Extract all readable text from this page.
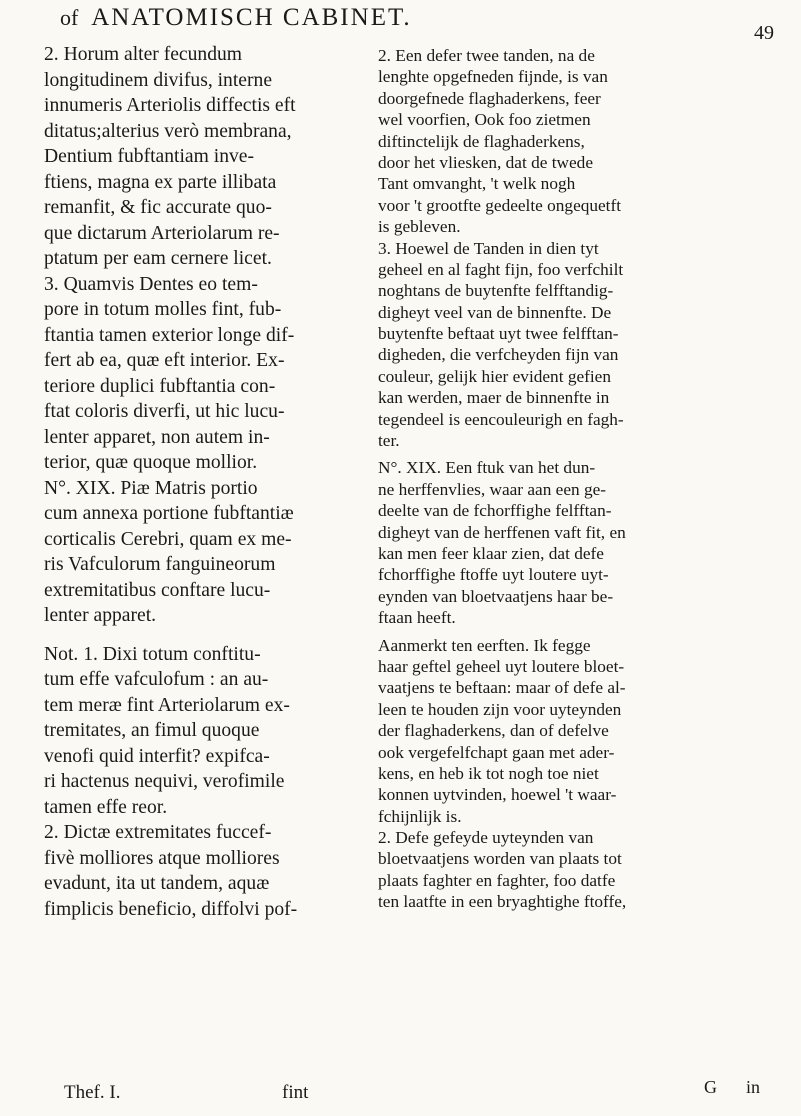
of ANATOMISCH CABINET.
49
2. Horum alter fecundum
longitudinem divifus, interne
innumeris Arteriolis diffectis eft
ditatus;alterius verò membrana,
Dentium fubftantiam inve-
ftiens, magna ex parte illibata
remanfit, & fic accurate quo-
que dictarum Arteriolarum re-
ptatum per eam cernere licet.
3. Quamvis Dentes eo tem-
pore in totum molles fint, fub-
ftantia tamen exterior longe dif-
fert ab ea, quæ eft interior. Ex-
teriore duplici fubftantia con-
ftat coloris diverfi, ut hic lucu-
lenter apparet, non autem in-
terior, quæ quoque mollior.
N°. XIX. Piæ Matris portio
cum annexa portione fubftantiæ
corticalis Cerebri, quam ex me-
ris Vafculorum fanguineorum
extremitatibus conftare lucu-
lenter apparet.
Not. 1. Dixi totum conftitu-
tum effe vafculofum : an au-
tem meræ fint Arteriolarum ex-
tremitates, an fimul quoque
venofi quid interfit? expifca-
ri hactenus nequivi, verofimile
tamen effe reor.
2. Dictæ extremitates fuccef-
fivè molliores atque molliores
evadunt, ita ut tandem, aquæ
fimplicis beneficio, diffolvi pof-
2. Een defer twee tanden, na de
lenghte opgefneden fijnde, is van
doorgefnede flaghaderkens, feer
wel voorfien, Ook foo zietmen
diftinctelijk de flaghaderkens,
door het vliesken, dat de twede
Tant omvanght, 't welk nogh
voor 't grootfte gedeelte ongequetft
is gebleven.
3. Hoewel de Tanden in dien tyt
geheel en al faght fijn, foo verfchilt
noghtans de buytenfte felfftandig-
digheyt veel van de binnenfte. De
buytenfte beftaat uyt twee felfftan-
digheden, die verfcheyden fijn van
couleur, gelijk hier evident gefien
kan werden, maer de binnenfte in
tegendeel is eencouleurigh en fagh-
ter.
N°. XIX. Een ftuk van het dun-
ne herffenvlies, waar aan een ge-
deelte van de fchorffighe felfftan-
digheyt van de herffenen vaft fit, en
kan men feer klaar zien, dat defe
fchorffighe ftoffe uyt loutere uyt-
eynden van bloetvaatjens haar be-
ftaan heeft.
Aanmerkt ten eerften. Ik fegge
haar geftel geheel uyt loutere bloet-
vaatjens te beftaan: maar of defe al-
leen te houden zijn voor uyteynden
der flaghaderkens, dan of defelve
ook vergefelfchapt gaan met ader-
kens, en heb ik tot nogh toe niet
konnen uytvinden, hoewel 't waar-
fchijnlijk is.
2. Defe gefeyde uyteynden van
bloetvaatjens worden van plaats tot
plaats faghter en faghter, foo datfe
ten laatfte in een bryaghtighe ftoffe,
Thef. I.	fint	G in
